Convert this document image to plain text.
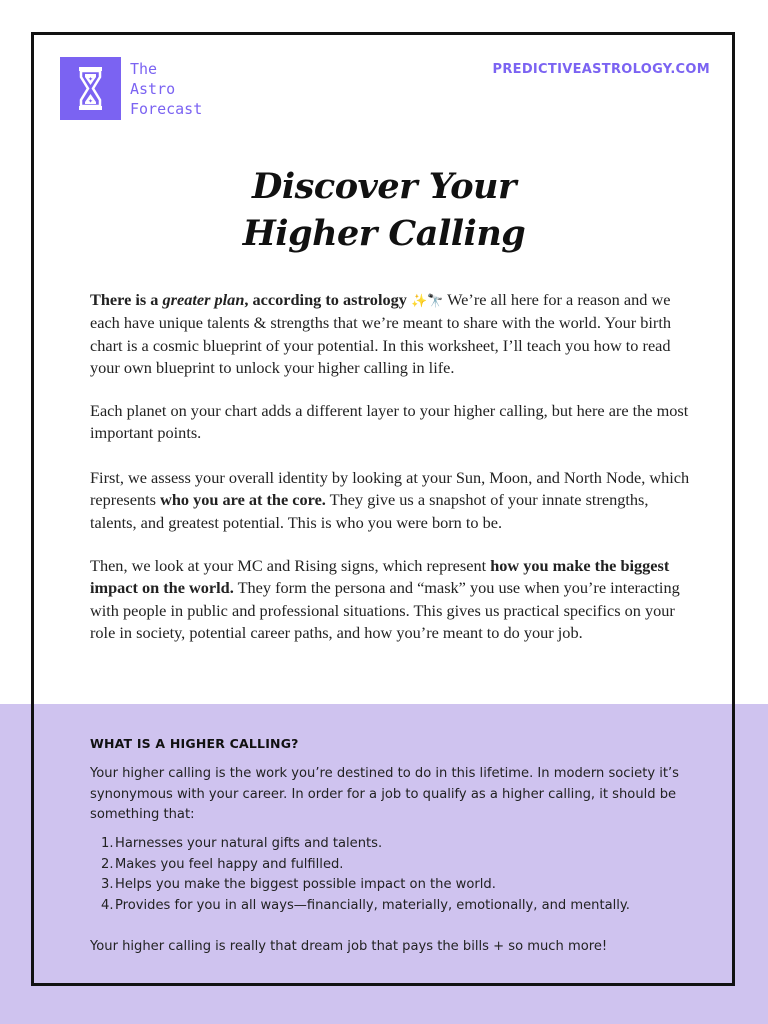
✦
✦
The
Astro
Forecast
PREDICTIVEASTROLOGY.COM
Discover Your
Higher Calling

There is a greater plan, according to astrology ✨🔭 We’re all here for a reason and we each have unique talents & strengths that we’re meant to share with the world. Your birth chart is a cosmic blueprint of your potential. In this worksheet, I’ll teach you how to read your own blueprint to unlock your higher calling in life.

Each planet on your chart adds a different layer to your higher calling, but here are the most important points.

First, we assess your overall identity by looking at your Sun, Moon, and North Node, which represents who you are at the core. They give us a snapshot of your innate strengths, talents, and greatest potential. This is who you were born to be.

Then, we look at your MC and Rising signs, which represent how you make the biggest impact on the world. They form the persona and “mask” you use when you’re interacting with people in public and professional situations. This gives us practical specifics on your role in society, potential career paths, and how you’re meant to do your job.

WHAT IS A HIGHER CALLING?

Your higher calling is the work you’re destined to do in this lifetime. In modern society it’s synonymous with your career. In order for a job to qualify as a higher calling, it should be something that:

1. Harnesses your natural gifts and talents.
2. Makes you feel happy and fulfilled.
3. Helps you make the biggest possible impact on the world.
4. Provides for you in all ways—financially, materially, emotionally, and mentally.

Your higher calling is really that dream job that pays the bills + so much more!
